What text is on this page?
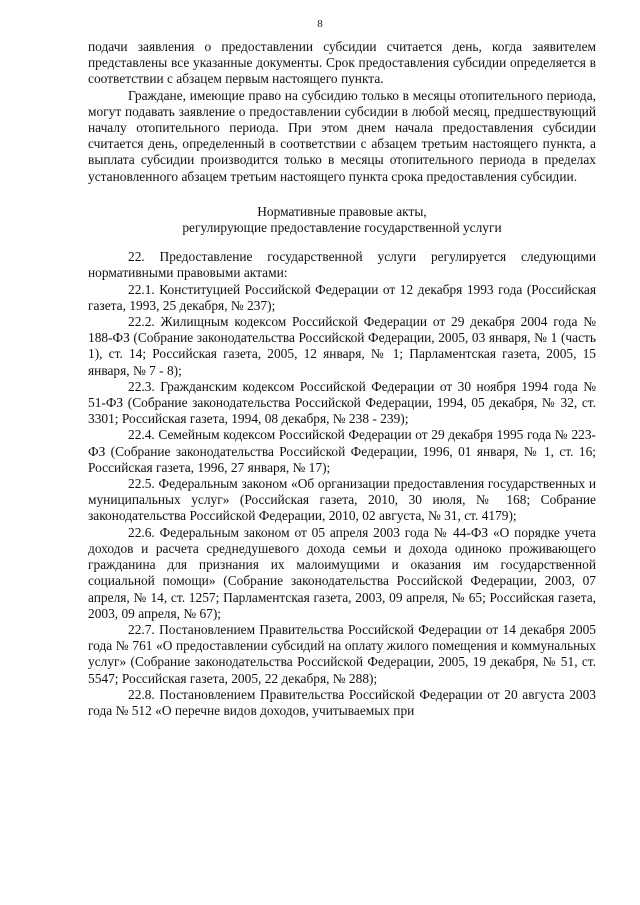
8

подачи заявления о предоставлении субсидии считается день, когда заявителем представлены все указанные документы. Срок предоставления субсидии определяется в соответствии с абзацем первым настоящего пункта.

Граждане, имеющие право на субсидию только в месяцы отопительного периода, могут подавать заявление о предоставлении субсидии в любой месяц, предшествующий началу отопительного периода. При этом днем начала предоставления субсидии считается день, определенный в соответствии с абзацем третьим настоящего пункта, а выплата субсидии производится только в месяцы отопительного периода в пределах установленного абзацем третьим настоящего пункта срока предоставления субсидии.

Нормативные правовые акты,
регулирующие предоставление государственной услуги

22. Предоставление государственной услуги регулируется следующими нормативными правовыми актами:

22.1. Конституцией Российской Федерации от 12 декабря 1993 года (Российская газета, 1993, 25 декабря, № 237);

22.2. Жилищным кодексом Российской Федерации от 29 декабря 2004 года № 188-ФЗ (Собрание законодательства Российской Федерации, 2005, 03 января, № 1 (часть 1), ст. 14; Российская газета, 2005, 12 января, № 1; Парламентская газета, 2005, 15 января, № 7 - 8);

22.3. Гражданским кодексом Российской Федерации от 30 ноября 1994 года № 51-ФЗ (Собрание законодательства Российской Федерации, 1994, 05 декабря, № 32, ст. 3301; Российская газета, 1994, 08 декабря, № 238 - 239);

22.4. Семейным кодексом Российской Федерации от 29 декабря 1995 года № 223-ФЗ (Собрание законодательства Российской Федерации, 1996, 01 января, № 1, ст. 16; Российская газета, 1996, 27 января, № 17);

22.5. Федеральным законом «Об организации предоставления государственных и муниципальных услуг» (Российская газета, 2010, 30 июля, № 168; Собрание законодательства Российской Федерации, 2010, 02 августа, № 31, ст. 4179);

22.6. Федеральным законом от 05 апреля 2003 года № 44-ФЗ «О порядке учета доходов и расчета среднедушевого дохода семьи и дохода одиноко проживающего гражданина для признания их малоимущими и оказания им государственной социальной помощи» (Собрание законодательства Российской Федерации, 2003, 07 апреля, № 14, ст. 1257; Парламентская газета, 2003, 09 апреля, № 65; Российская газета, 2003, 09 апреля, № 67);

22.7. Постановлением Правительства Российской Федерации от 14 декабря 2005 года № 761 «О предоставлении субсидий на оплату жилого помещения и коммунальных услуг» (Собрание законодательства Российской Федерации, 2005, 19 декабря, № 51, ст. 5547; Российская газета, 2005, 22 декабря, № 288);

22.8. Постановлением Правительства Российской Федерации от 20 августа 2003 года № 512 «О перечне видов доходов, учитываемых при
